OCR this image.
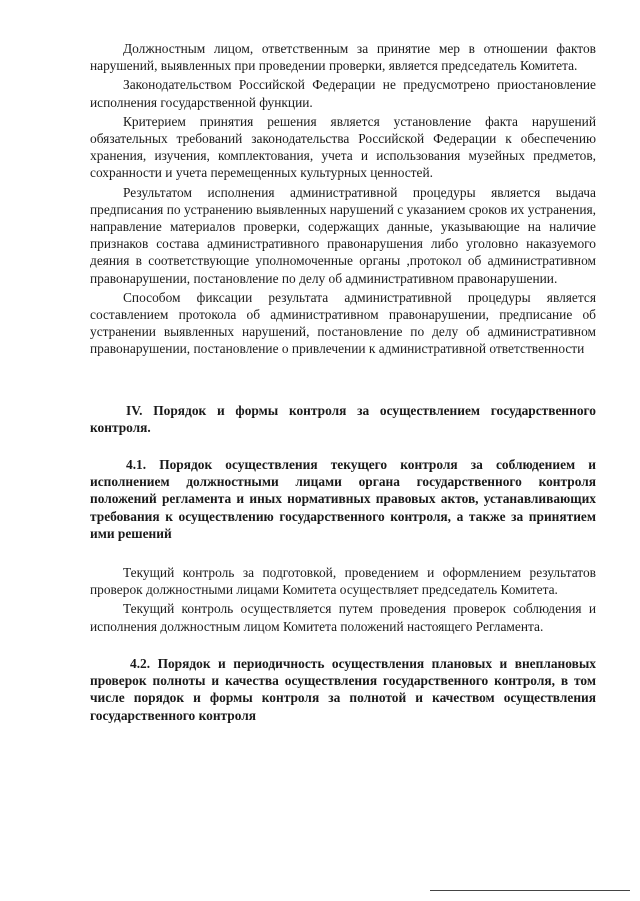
Должностным лицом, ответственным за принятие мер в отношении фактов нарушений, выявленных при проведении проверки, является председатель Комитета.

Законодательством Российской Федерации не предусмотрено приостановление исполнения государственной функции.

Критерием принятия решения является установление факта нарушений обязательных требований законодательства Российской Федерации к обеспечению хранения, изучения, комплектования, учета и использования музейных предметов, сохранности и учета перемещенных культурных ценностей.

Результатом исполнения административной процедуры является выдача предписания по устранению выявленных нарушений с указанием сроков их устранения, направление материалов проверки, содержащих данные, указывающие на наличие признаков состава административного правонарушения либо уголовно наказуемого деяния в соответствующие уполномоченные органы ,протокол об административном правонарушении, постановление по делу об административном правонарушении.

Способом фиксации результата административной процедуры является составлением протокола об административном правонарушении, предписание об устранении выявленных нарушений, постановление по делу об административном правонарушении, постановление о привлечении к административной ответственности

IV. Порядок и формы контроля за осуществлением государственного контроля.

4.1. Порядок осуществления текущего контроля за соблюдением и исполнением должностными лицами органа государственного контроля положений регламента и иных нормативных правовых актов, устанавливающих требования к осуществлению государственного контроля, а также за принятием ими решений

Текущий контроль за подготовкой, проведением и оформлением результатов проверок должностными лицами Комитета осуществляет председатель Комитета.

Текущий контроль осуществляется путем проведения проверок соблюдения и исполнения должностным лицом Комитета положений настоящего Регламента.

4.2. Порядок и периодичность осуществления плановых и внеплановых проверок полноты и качества осуществления государственного контроля, в том числе порядок и формы контроля за полнотой и качеством осуществления государственного контроля
